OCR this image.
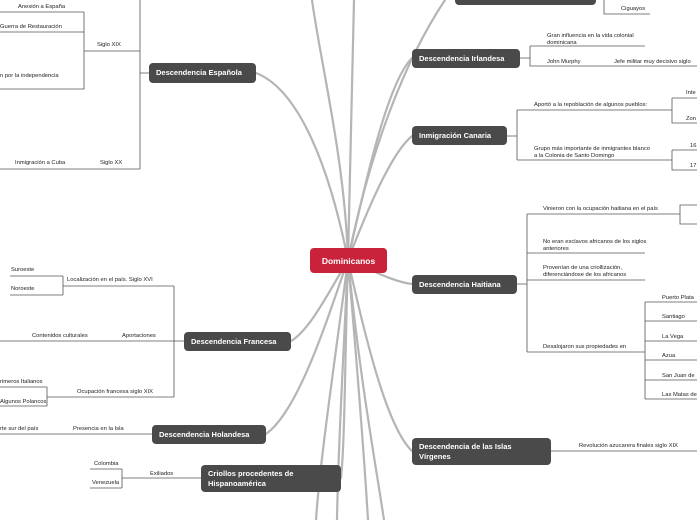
Dominicanos
Descendencia Española
Anexión a España
Guerra de Restauración
Siglo XIX
n por la independencia
Inmigración a Cuba	Siglo XX
Descendencia Francesa
Suroeste
Noroeste
Localización en el país. Siglo XVI
Contenidos culturales	Aportaciones
rimeros Italianos
Algunos Polancos
Ocupación francesa siglo XIX
Descendencia Holandesa
rte sur del país	Presencia en la Isla
Criollos procedentes de Hispanoamérica
Colombia
Venezuela
Exiliados
Ciguayos
Descendencia Irlandesa
Gran influencia en la vida colonial dominicana
John Murphy	Jefe militar muy decisivo siglo
Inmigración Canaria
Aportó a la repoblación de algunos pueblos:
Inte
Zon
Grupo más importante de inmigrantes blanco a la Colonia de Santo Domingo
16
17
Descendencia Haitiana
Vinieron con la ocupación haitiana en el país
No eran esclavos africanos de los siglos anteriores
Provenían de una criollización, diferenciándose de los africanos
Desalojaron sus propiedades en
Puerto Plata
Santiago
La Vega
Azua
San Juan de
Las Matas de
Descendencia de las Islas Vírgenes
Revolución azucarera finales siglo XIX
